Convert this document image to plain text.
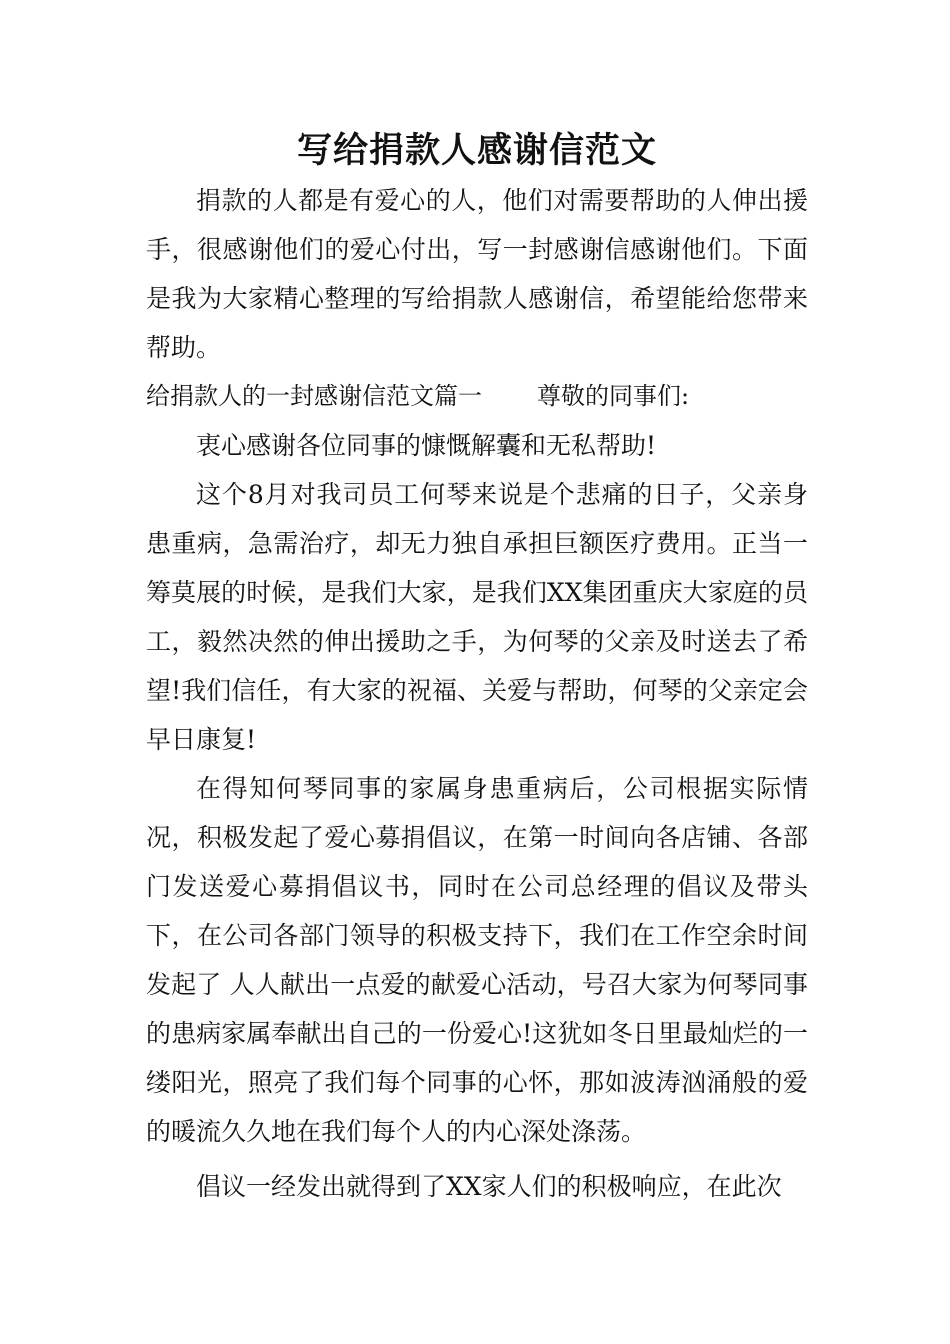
写给捐款人感谢信范文

捐款的人都是有爱心的人，他们对需要帮助的人伸出援手，很感谢他们的爱心付出，写一封感谢信感谢他们。下面是我为大家精心整理的写给捐款人感谢信，希望能给您带来帮助。

给捐款人的一封感谢信范文篇一 尊敬的同事们:

衷心感谢各位同事的慷慨解囊和无私帮助!

这个8月对我司员工何琴来说是个悲痛的日子，父亲身患重病，急需治疗，却无力独自承担巨额医疗费用。正当一筹莫展的时候，是我们大家，是我们XX集团重庆大家庭的员工，毅然决然的伸出援助之手，为何琴的父亲及时送去了希望!我们信任，有大家的祝福、关爱与帮助，何琴的父亲定会早日康复!

在得知何琴同事的家属身患重病后，公司根据实际情况，积极发起了爱心募捐倡议，在第一时间向各店铺、各部门发送爱心募捐倡议书，同时在公司总经理的倡议及带头下，在公司各部门领导的积极支持下，我们在工作空余时间发起了 人人献出一点爱的献爱心活动，号召大家为何琴同事的患病家属奉献出自己的一份爱心!这犹如冬日里最灿烂的一缕阳光，照亮了我们每个同事的心怀，那如波涛汹涌般的爱的暖流久久地在我们每个人的内心深处涤荡。

倡议一经发出就得到了XX家人们的积极响应，在此次
